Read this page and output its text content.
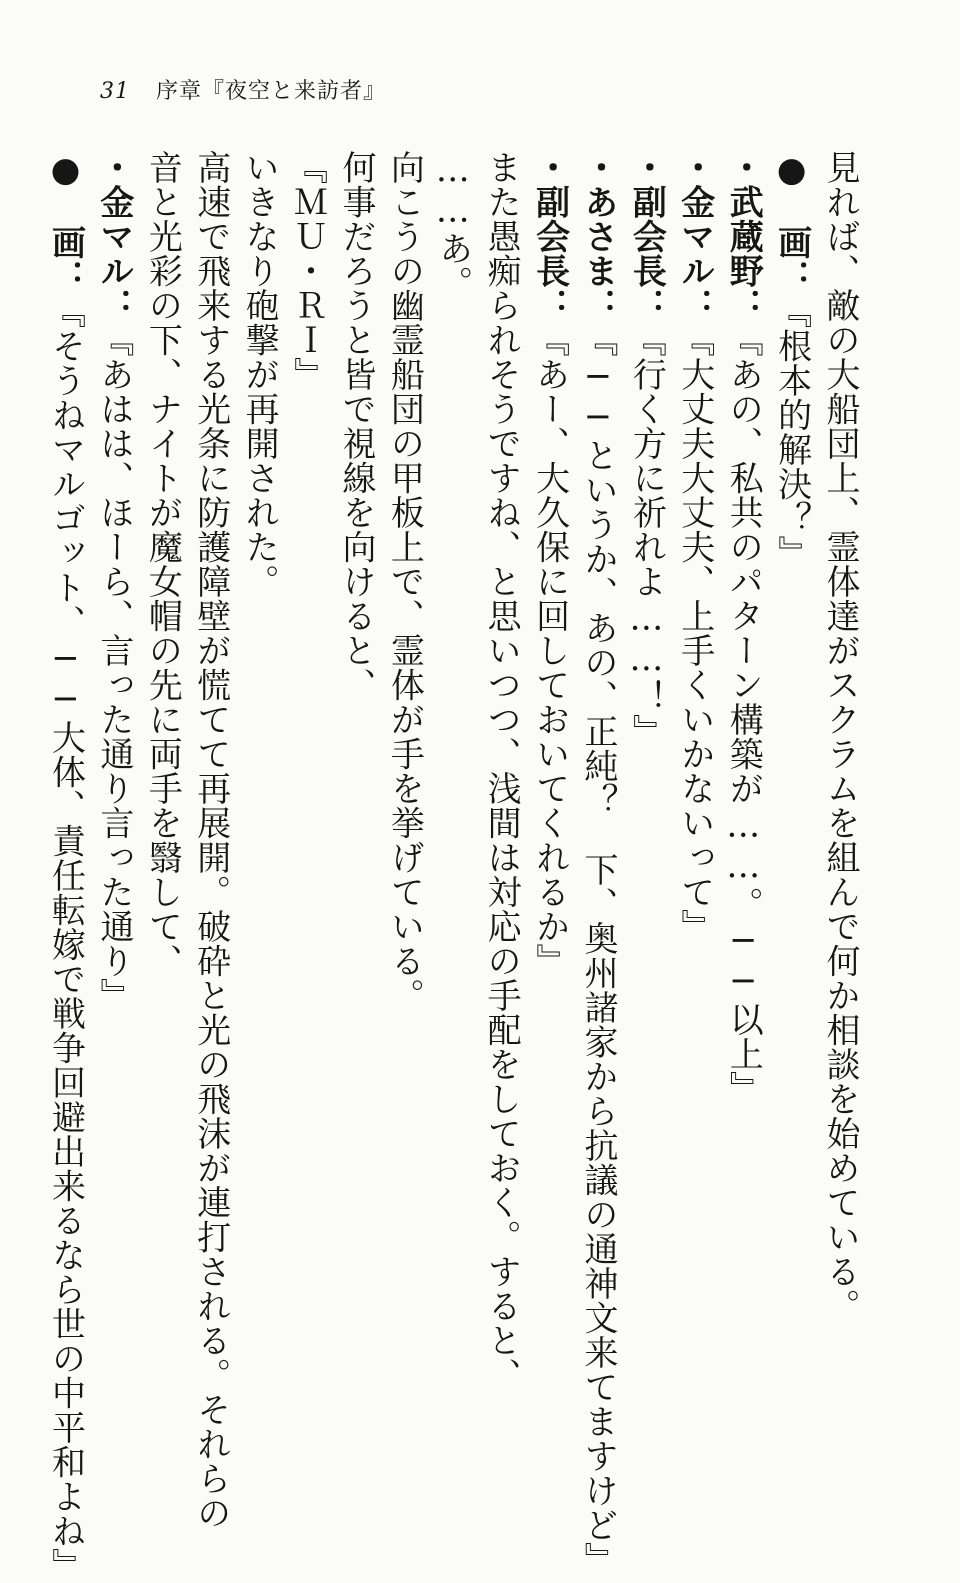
31 序章『夜空と来訪者』
見れば、敵の大船団上、霊体達がスクラムを組んで何か相談を始めている。
●　画：『根本的解決？』
・武蔵野：『あの、私共のパターン構築が……。──以上』
・金マル：『大丈夫大丈夫、上手くいかないって』
・副会長：『行く方に祈れよ……！』
・あさま：『──というか、あの、正純？　下、奥州諸家から抗議の通神文来てますけど』
・副会長：『あー、大久保に回しておいてくれるか』
また愚痴られそうですね、と思いつつ、浅間は対応の手配をしておく。すると、
……あ。
向こうの幽霊船団の甲板上で、霊体が手を挙げている。
何事だろうと皆で視線を向けると、
『ＭＵ・ＲＩ』
いきなり砲撃が再開された。
高速で飛来する光条に防護障壁が慌てて再展開。破砕と光の飛沫が連打される。それらの
音と光彩の下、ナイトが魔女帽の先に両手を翳して、
・金マル：『あはは、ほーら、言った通り言った通り』
●　画：『そうねマルゴット、──大体、責任転嫁で戦争回避出来るなら世の中平和よね』
